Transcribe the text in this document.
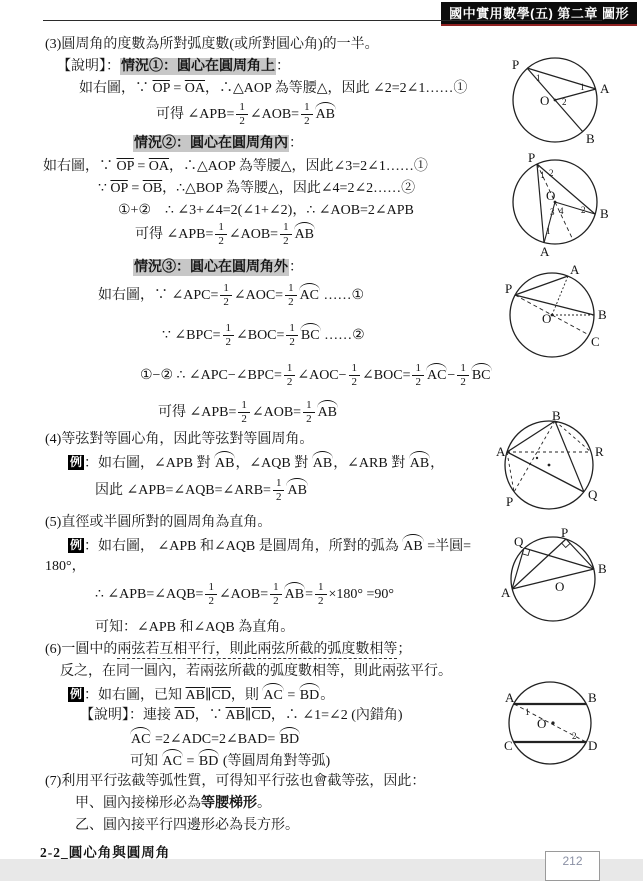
國中實用數學(五) 第二章 圖形
(3)圓周角的度數為所對弧度數(或所對圓心角)的一半。
【說明】：情況①：圓心在圓周角上：
如右圖，∵ $\overline{OP} = \overline{OA}$，∴△AOP 為等腰△，因此 ∠2=2∠1……①
可得 ∠APB= $\frac{1}{2}$ ∠AOB= $\frac{1}{2}$ AB
情況②：圓心在圓周角內：
如右圖，∵ $\overline{OP} = \overline{OA}$，∴△AOP 為等腰△，因此∠3=2∠1……①
∵ $\overline{OP} = \overline{OB}$，∴△BOP 為等腰△，因此∠4=2∠2……②
①+②　∴ ∠3+∠4=2(∠1+∠2)，∴ ∠AOB=2∠APB
可得 ∠APB= $\frac{1}{2}$ ∠AOB= $\frac{1}{2}$ AB
情況③：圓心在圓周角外：
如右圖，∵ ∠APC= $\frac{1}{2}$ ∠AOC= $\frac{1}{2}$ AC ……①
∵ ∠BPC= $\frac{1}{2}$ ∠BOC= $\frac{1}{2}$ BC ……②
①−② ∴ ∠APC−∠BPC= $\frac{1}{2}$ ∠AOC− $\frac{1}{2}$ ∠BOC= $\frac{1}{2} AC- \frac{1}{2}$ BC
可得 ∠APB= $\frac{1}{2}$ ∠AOB= $\frac{1}{2}$ AB
(4)等弦對等圓心角，因此等弦對等圓周角。
例 ：如右圖，∠APB 對 AB，∠AQB 對 AB，∠ARB 對 AB，
因此 ∠APB=∠AQB=∠ARB= $\frac{1}{2}$ AB
(5)直徑或半圓所對的圓周角為直角。
例 ：如右圖， ∠APB 和∠AQB 是圓周角，所對的弧為 AB =半圓=
180°，
∴ ∠APB=∠AQB= $\frac{1}{2}$ ∠AOB= $\frac{1}{2} AB= \frac{1}{2} \times 180^\circ =90^\circ$
可知：∠APB 和∠AQB 為直角。
(6)一圓中的兩弦若互相平行，則此兩弦所截的弧度數相等；
反之，在同一圓內，若兩弦所截的弧度數相等，則此兩弦平行。
例 ：如右圖，已知 $\overline{AB}\parallel\overline{CD}$，則 AC = BD。
【說明】：連接 $\overline{AD}$，∵ $\overline{AB}\parallel\overline{CD}$，∴ ∠1=∠2 (內錯角)
AC =2∠ADC=2∠BAD= BD
可知 AC = BD (等圓周角對等弧)
(7)利用平行弦截等弧性質，可得知平行弦也會截等弦，因此：
甲、圓內接梯形必為等腰梯形。
乙、圓內接平行四邊形必為長方形。
2-2_圓心角與圓周角
212
P
A
B
O
1
1
2
P
A
B
O
1 2
3 4
1
2
P
A
B
C
O
B
A	R
Q
P
P
Q
B
A	O
A	B
C	D
O
1
2
